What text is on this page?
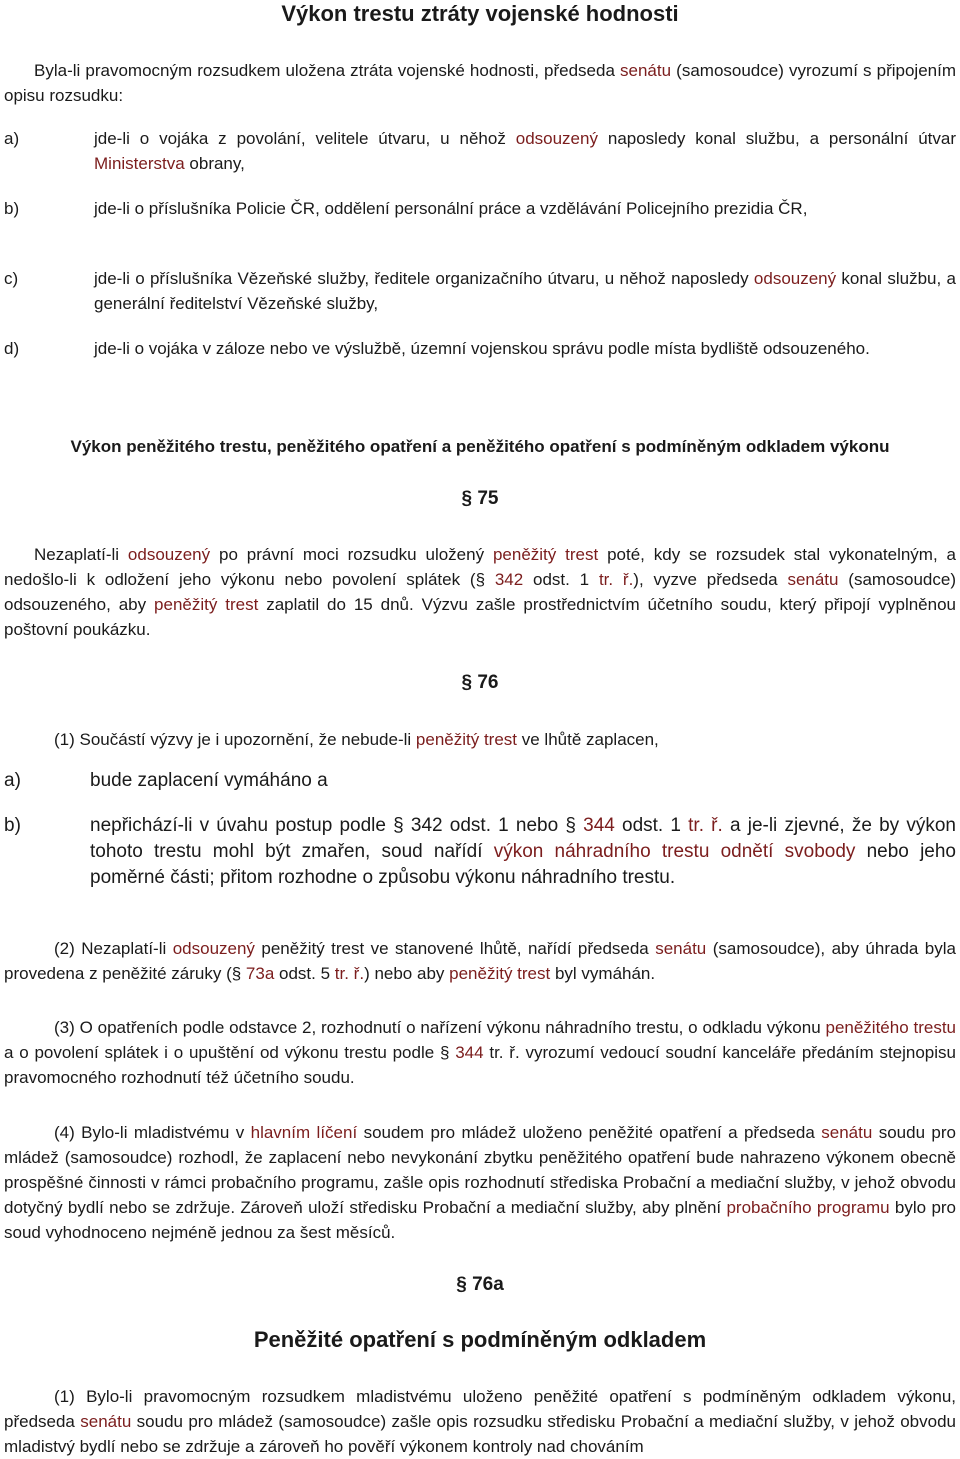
Výkon trestu ztráty vojenské hodnosti

Byla-li pravomocným rozsudkem uložena ztráta vojenské hodnosti, předseda senátu (samosoudce) vyrozumí s připojením opisu rozsudku:

a)	jde-li o vojáka z povolání, velitele útvaru, u něhož odsouzený naposledy konal službu, a personální útvar Ministerstva obrany,
b)	jde-li o příslušníka Policie ČR, oddělení personální práce a vzdělávání Policejního prezidia ČR,
c)	jde-li o příslušníka Vězeňské služby, ředitele organizačního útvaru, u něhož naposledy odsouzený konal službu, a generální ředitelství Vězeňské služby,
d)	jde-li o vojáka v záloze nebo ve výslužbě, územní vojenskou správu podle místa bydliště odsouzeného.
Výkon peněžitého trestu, peněžitého opatření a peněžitého opatření s podmíněným odkladem výkonu
§ 75

Nezaplatí-li odsouzený po právní moci rozsudku uložený peněžitý trest poté, kdy se rozsudek stal vykonatelným, a nedošlo-li k odložení jeho výkonu nebo povolení splátek (§ 342 odst. 1 tr. ř.), vyzve předseda senátu (samosoudce) odsouzeného, aby peněžitý trest zaplatil do 15 dnů. Výzvu zašle prostřednictvím účetního soudu, který připojí vyplněnou poštovní poukázku.

§ 76

(1) Součástí výzvy je i upozornění, že nebude-li peněžitý trest ve lhůtě zaplacen,

a)	bude zaplacení vymáháno a
b)	nepřichází-li v úvahu postup podle § 342 odst. 1 nebo § 344 odst. 1 tr. ř. a je-li zjevné, že by výkon tohoto trestu mohl být zmařen, soud nařídí výkon náhradního trestu odnětí svobody nebo jeho poměrné části; přitom rozhodne o způsobu výkonu náhradního trestu.

(2) Nezaplatí-li odsouzený peněžitý trest ve stanovené lhůtě, nařídí předseda senátu (samosoudce), aby úhrada byla provedena z peněžité záruky (§ 73a odst. 5 tr. ř.) nebo aby peněžitý trest byl vymáhán.

(3) O opatřeních podle odstavce 2, rozhodnutí o nařízení výkonu náhradního trestu, o odkladu výkonu peněžitého trestu a o povolení splátek i o upuštění od výkonu trestu podle § 344 tr. ř. vyrozumí vedoucí soudní kanceláře předáním stejnopisu pravomocného rozhodnutí též účetního soudu.

(4) Bylo-li mladistvému v hlavním líčení soudem pro mládež uloženo peněžité opatření a předseda senátu soudu pro mládež (samosoudce) rozhodl, že zaplacení nebo nevykonání zbytku peněžitého opatření bude nahrazeno výkonem obecně prospěšné činnosti v rámci probačního programu, zašle opis rozhodnutí střediska Probační a mediační služby, v jehož obvodu dotyčný bydlí nebo se zdržuje. Zároveň uloží středisku Probační a mediační služby, aby plnění probačního programu bylo pro soud vyhodnoceno nejméně jednou za šest měsíců.

§ 76a
Peněžité opatření s podmíněným odkladem

(1) Bylo-li pravomocným rozsudkem mladistvému uloženo peněžité opatření s podmíněným odkladem výkonu, předseda senátu soudu pro mládež (samosoudce) zašle opis rozsudku středisku Probační a mediační služby, v jehož obvodu mladistvý bydlí nebo se zdržuje a zároveň ho pověří výkonem kontroly nad chováním
